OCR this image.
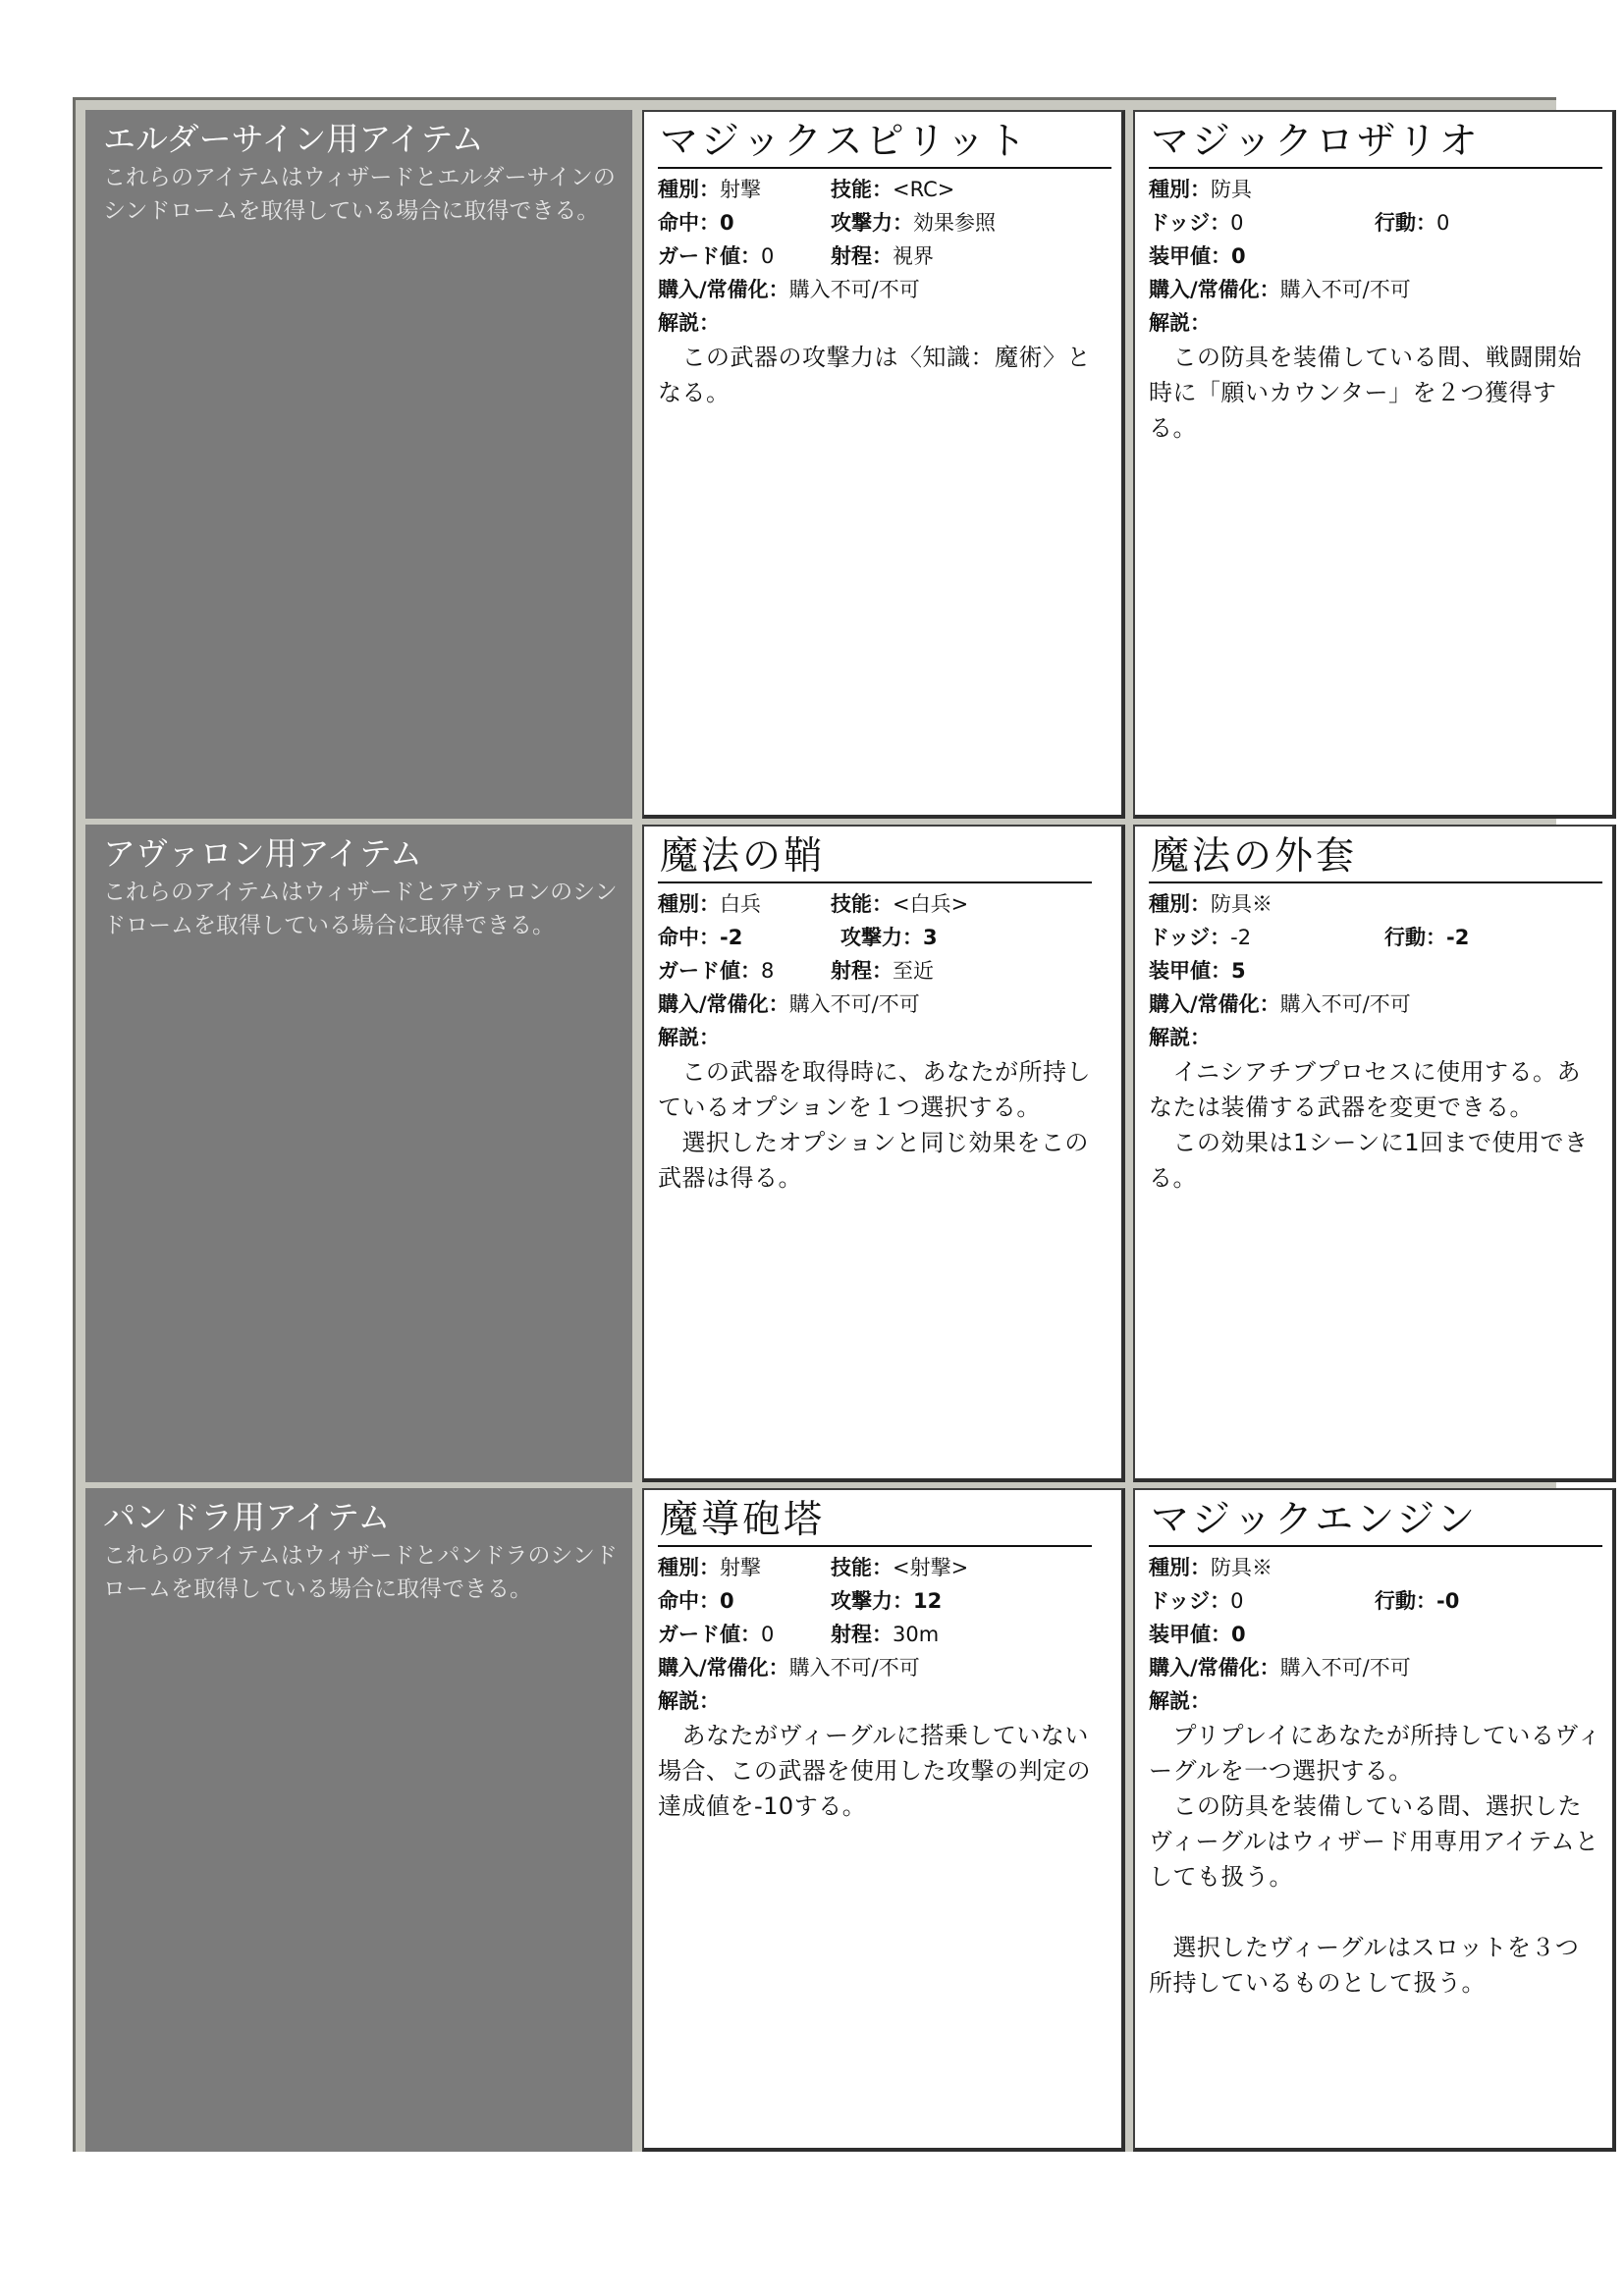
エルダーサイン用アイテム
これらのアイテムはウィザードとエルダーサインのシンドロームを取得している場合に取得できる。
マジックスピリット
種別：射撃	技能：<RC>
命中：0	攻撃力：効果参照
ガード値：0	射程：視界
購入/常備化：購入不可/不可
解説：
　この武器の攻撃力は〈知識：魔術〉となる。
マジックロザリオ
種別：防具
ドッジ：0	行動：0
装甲値：0
購入/常備化：購入不可/不可
解説：
　この防具を装備している間、戦闘開始時に「願いカウンター」を２つ獲得する。
アヴァロン用アイテム
これらのアイテムはウィザードとアヴァロンのシンドロームを取得している場合に取得できる。
魔法の鞘
種別：白兵	技能：<白兵>
命中：-2	攻撃力：3
ガード値：8	射程：至近
購入/常備化：購入不可/不可
解説：
　この武器を取得時に、あなたが所持しているオプションを１つ選択する。
　選択したオプションと同じ効果をこの武器は得る。
魔法の外套
種別：防具※
ドッジ：-2	行動：-2
装甲値：5
購入/常備化：購入不可/不可
解説：
　イニシアチブプロセスに使用する。あなたは装備する武器を変更できる。
　この効果は1シーンに1回まで使用できる。
パンドラ用アイテム
これらのアイテムはウィザードとパンドラのシンドロームを取得している場合に取得できる。
魔導砲塔
種別：射撃	技能：<射撃>
命中：0	攻撃力：12
ガード値：0	射程：30m
購入/常備化：購入不可/不可
解説：
　あなたがヴィーグルに搭乗していない場合、この武器を使用した攻撃の判定の達成値を-10する。
マジックエンジン
種別：防具※
ドッジ：0	行動：-0
装甲値：0
購入/常備化：購入不可/不可
解説：
　プリプレイにあなたが所持しているヴィーグルを一つ選択する。
　この防具を装備している間、選択したヴィーグルはウィザード用専用アイテムとしても扱う。

　選択したヴィーグルはスロットを３つ所持しているものとして扱う。
